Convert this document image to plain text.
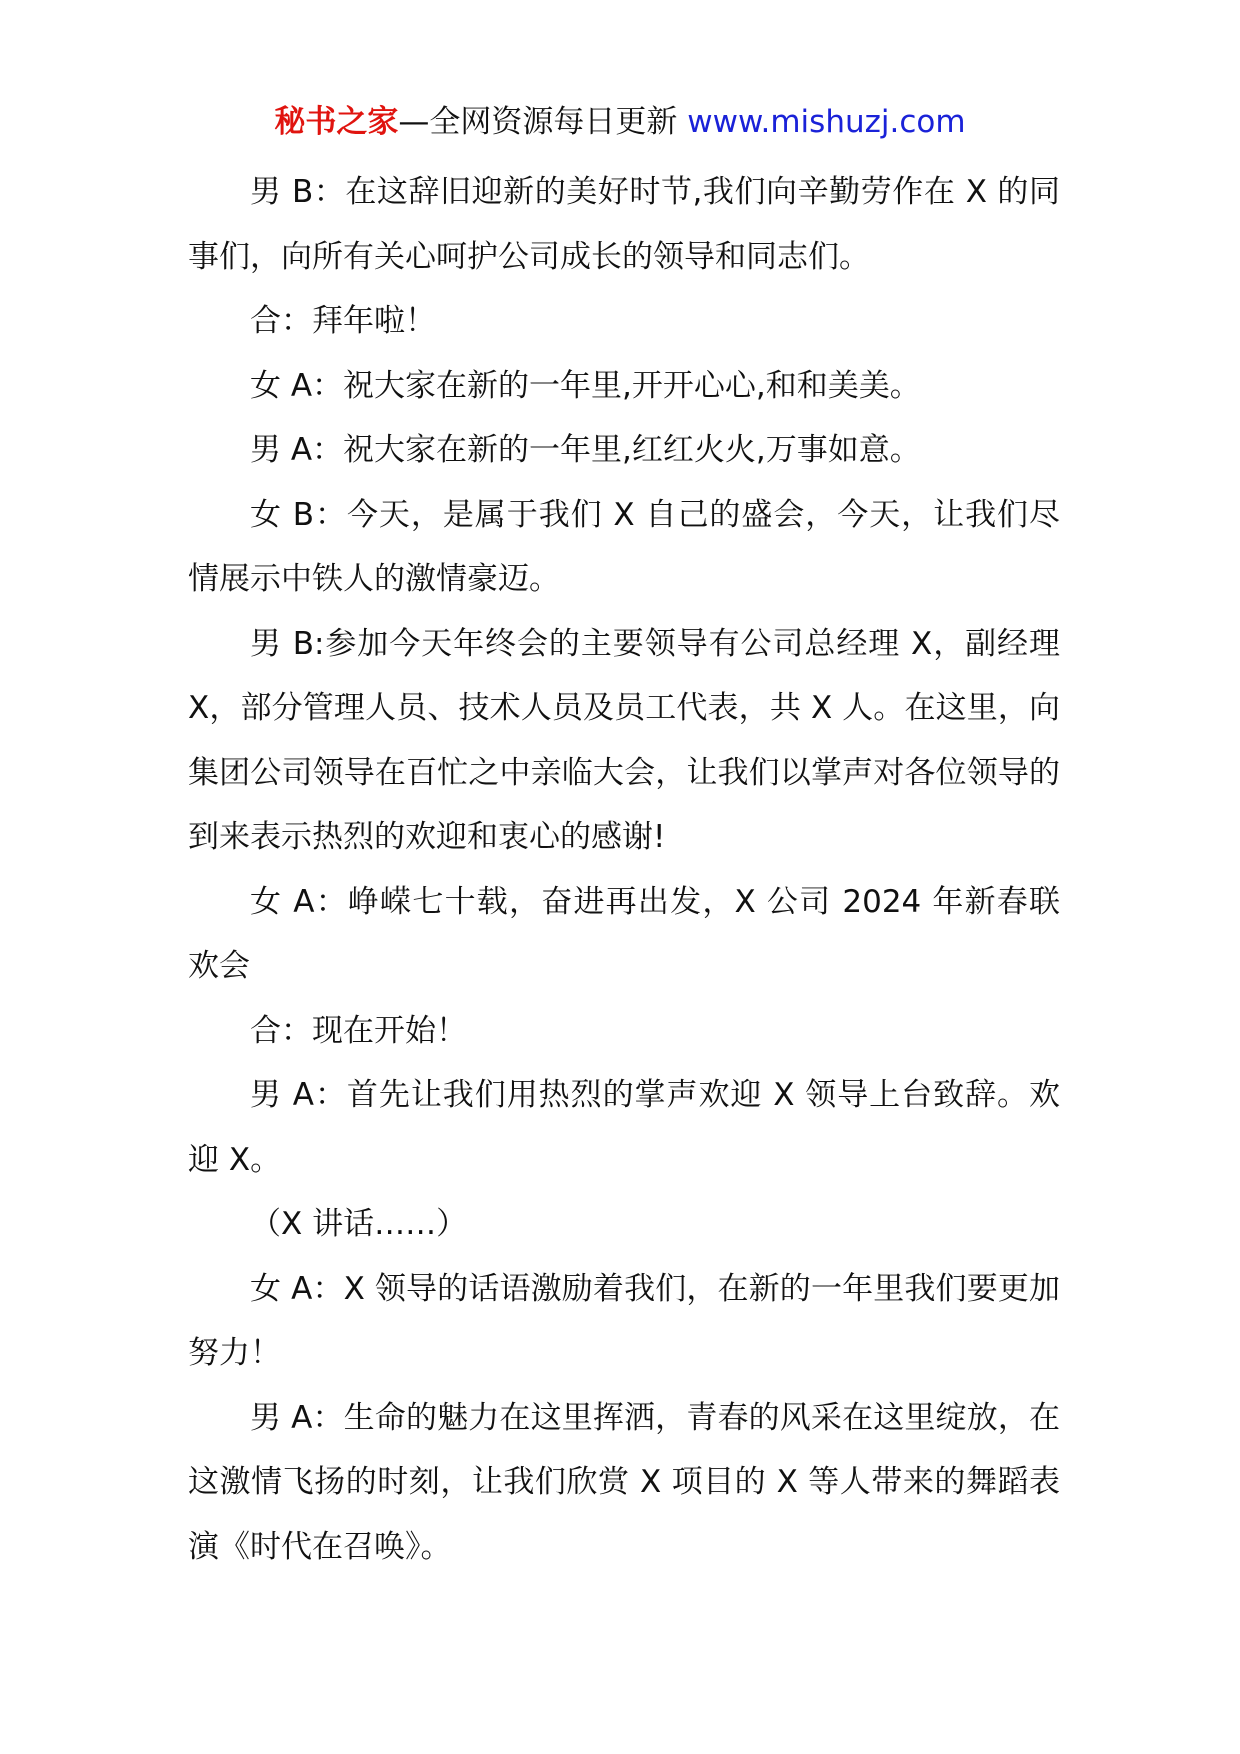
秘书之家—全网资源每日更新 www.mishuzj.com

男 B：在这辞旧迎新的美好时节,我们向辛勤劳作在 X 的同事们，向所有关心呵护公司成长的领导和同志们。

合：拜年啦！

女 A：祝大家在新的一年里,开开心心,和和美美。

男 A：祝大家在新的一年里,红红火火,万事如意。

女 B：今天，是属于我们 X 自己的盛会，今天，让我们尽情展示中铁人的激情豪迈。

男 B:参加今天年终会的主要领导有公司总经理 X，副经理 X，部分管理人员、技术人员及员工代表，共 X 人。在这里，向集团公司领导在百忙之中亲临大会，让我们以掌声对各位领导的到来表示热烈的欢迎和衷心的感谢!

女 A：峥嵘七十载，奋进再出发，X 公司 2024 年新春联欢会

合：现在开始！

男 A：首先让我们用热烈的掌声欢迎 X 领导上台致辞。欢迎 X。

（X 讲话……）

女 A：X 领导的话语激励着我们，在新的一年里我们要更加努力！

男 A：生命的魅力在这里挥洒，青春的风采在这里绽放，在这激情飞扬的时刻，让我们欣赏 X 项目的 X 等人带来的舞蹈表演《时代在召唤》。
